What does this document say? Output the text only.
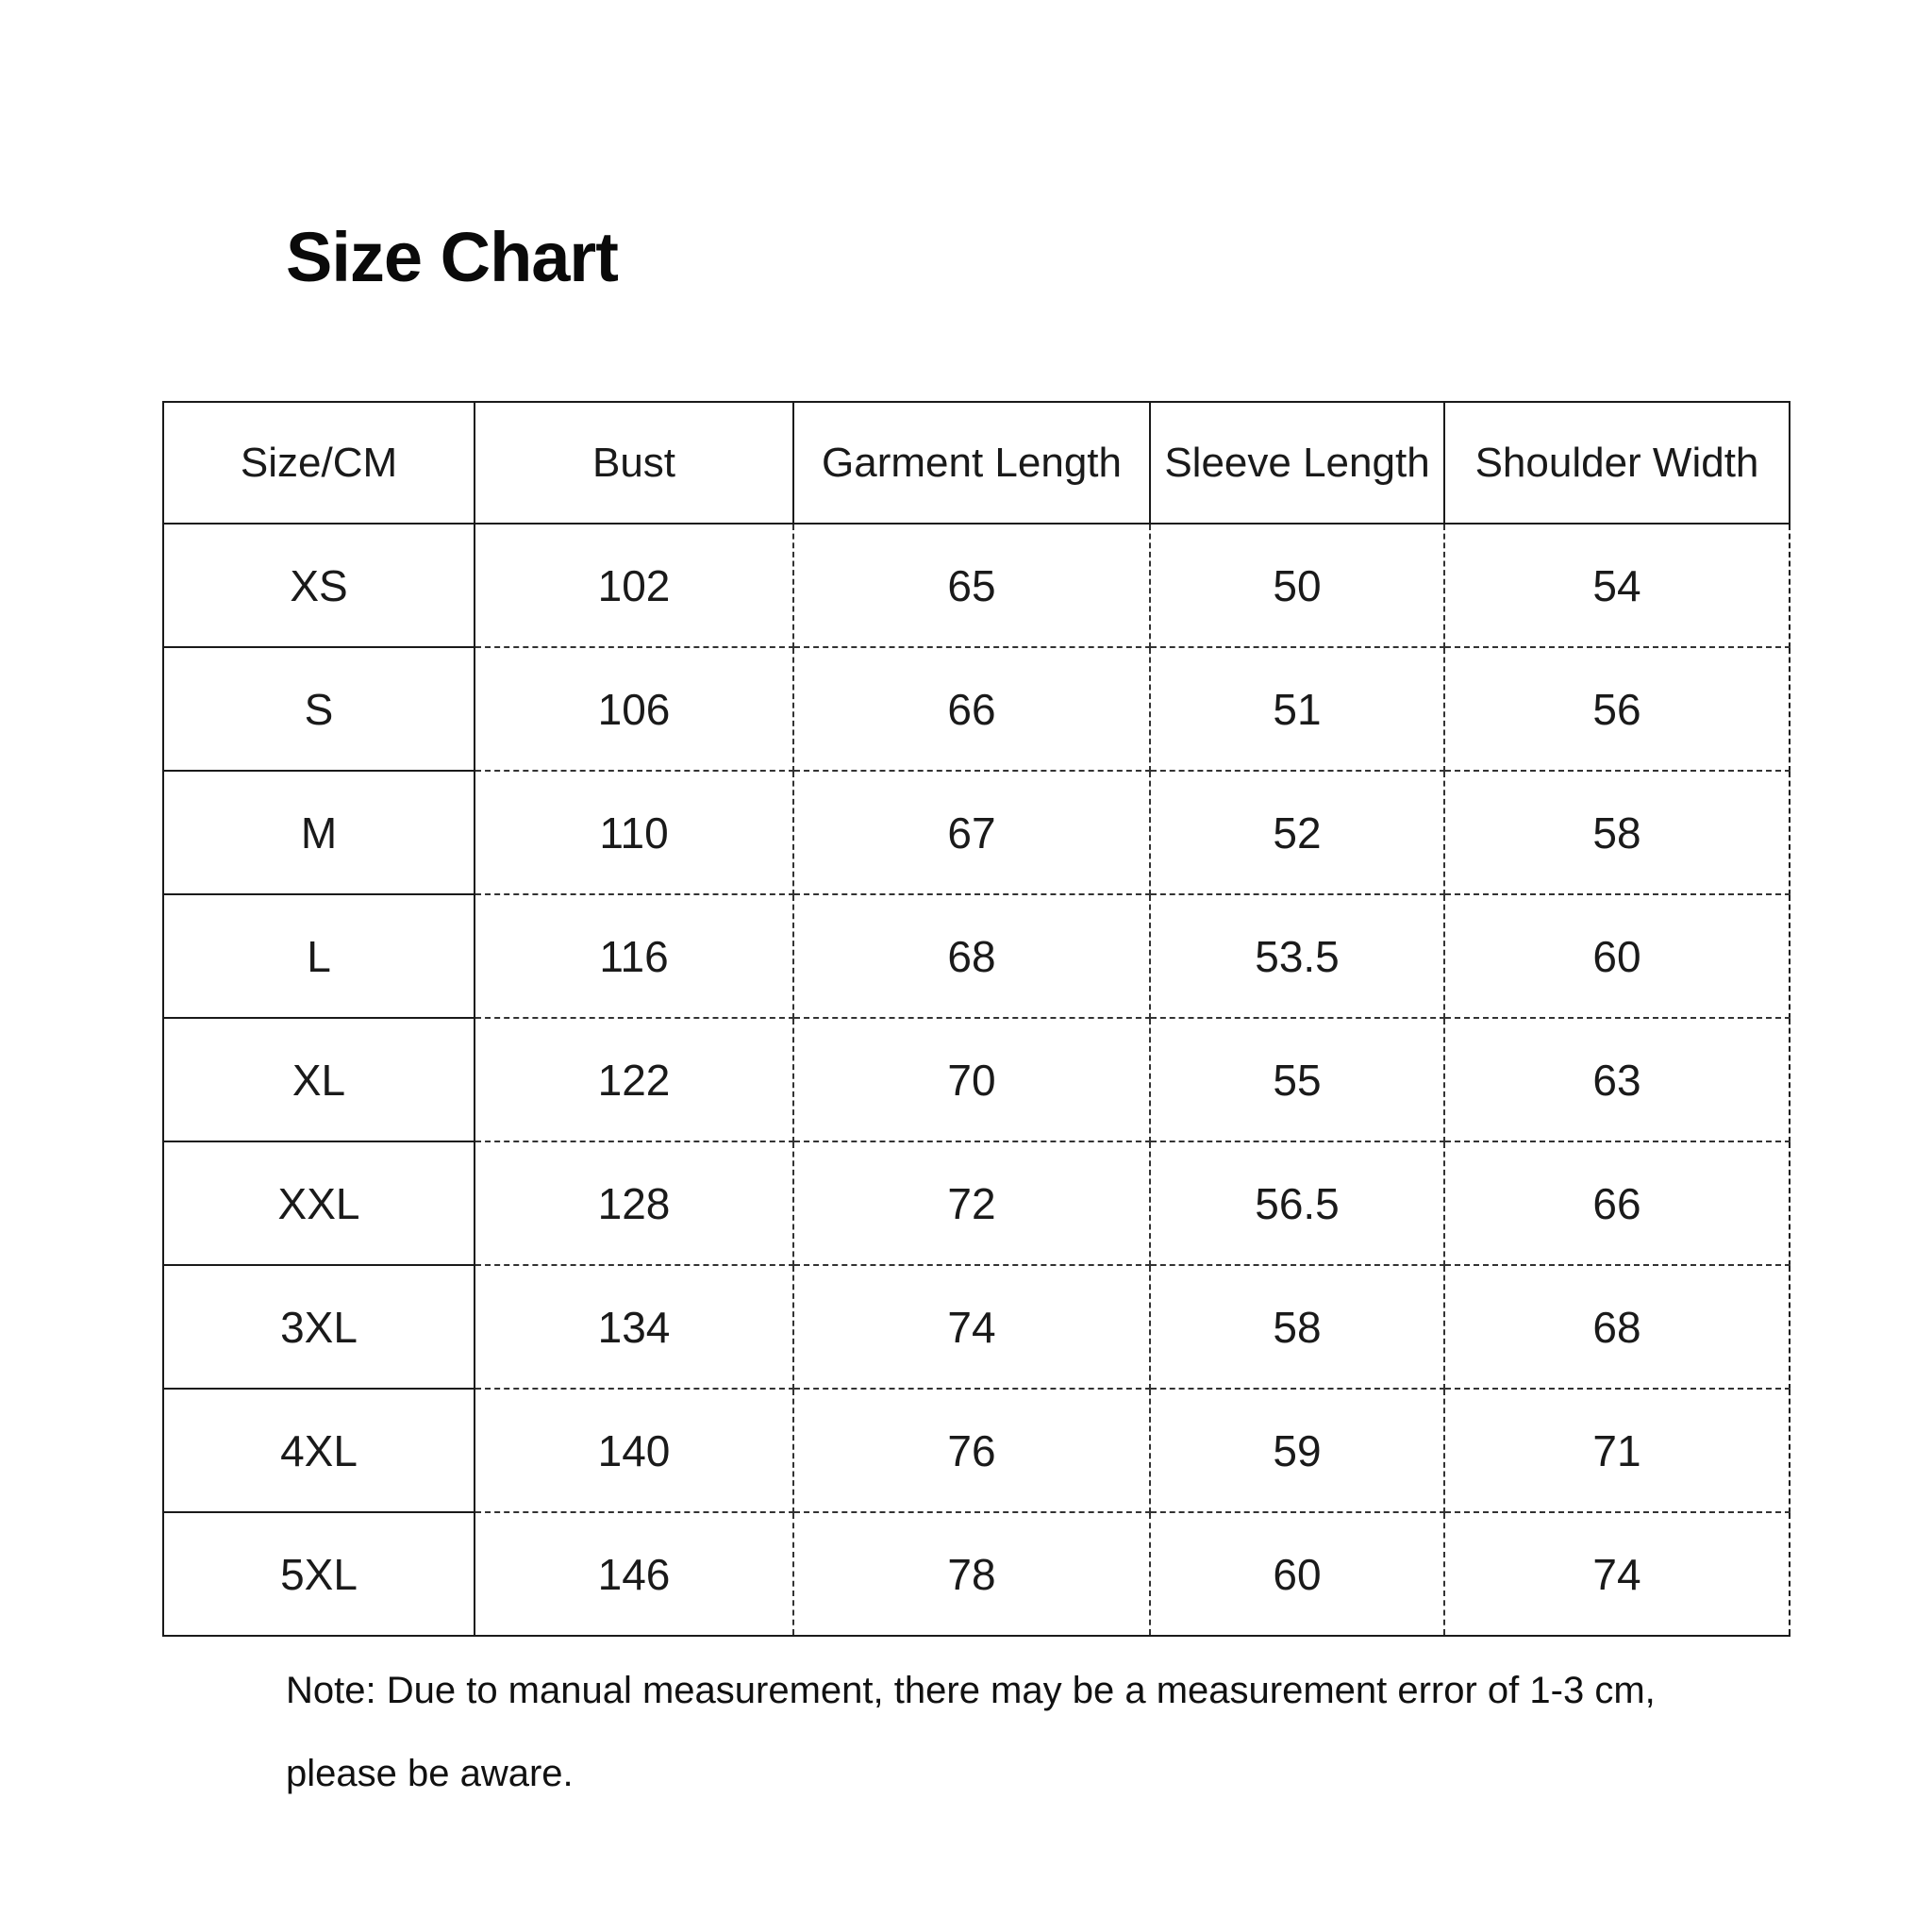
Size Chart
Size/CM	Bust	Garment Length	Sleeve Length	Shoulder Width
XS	102	65	50	54
S	106	66	51	56
M	110	67	52	58
L	116	68	53.5	60
XL	122	70	55	63
XXL	128	72	56.5	66
3XL	134	74	58	68
4XL	140	76	59	71
5XL	146	78	60	74

Note: Due to manual measurement, there may be a measurement error of 1-3 cm,
please be aware.
